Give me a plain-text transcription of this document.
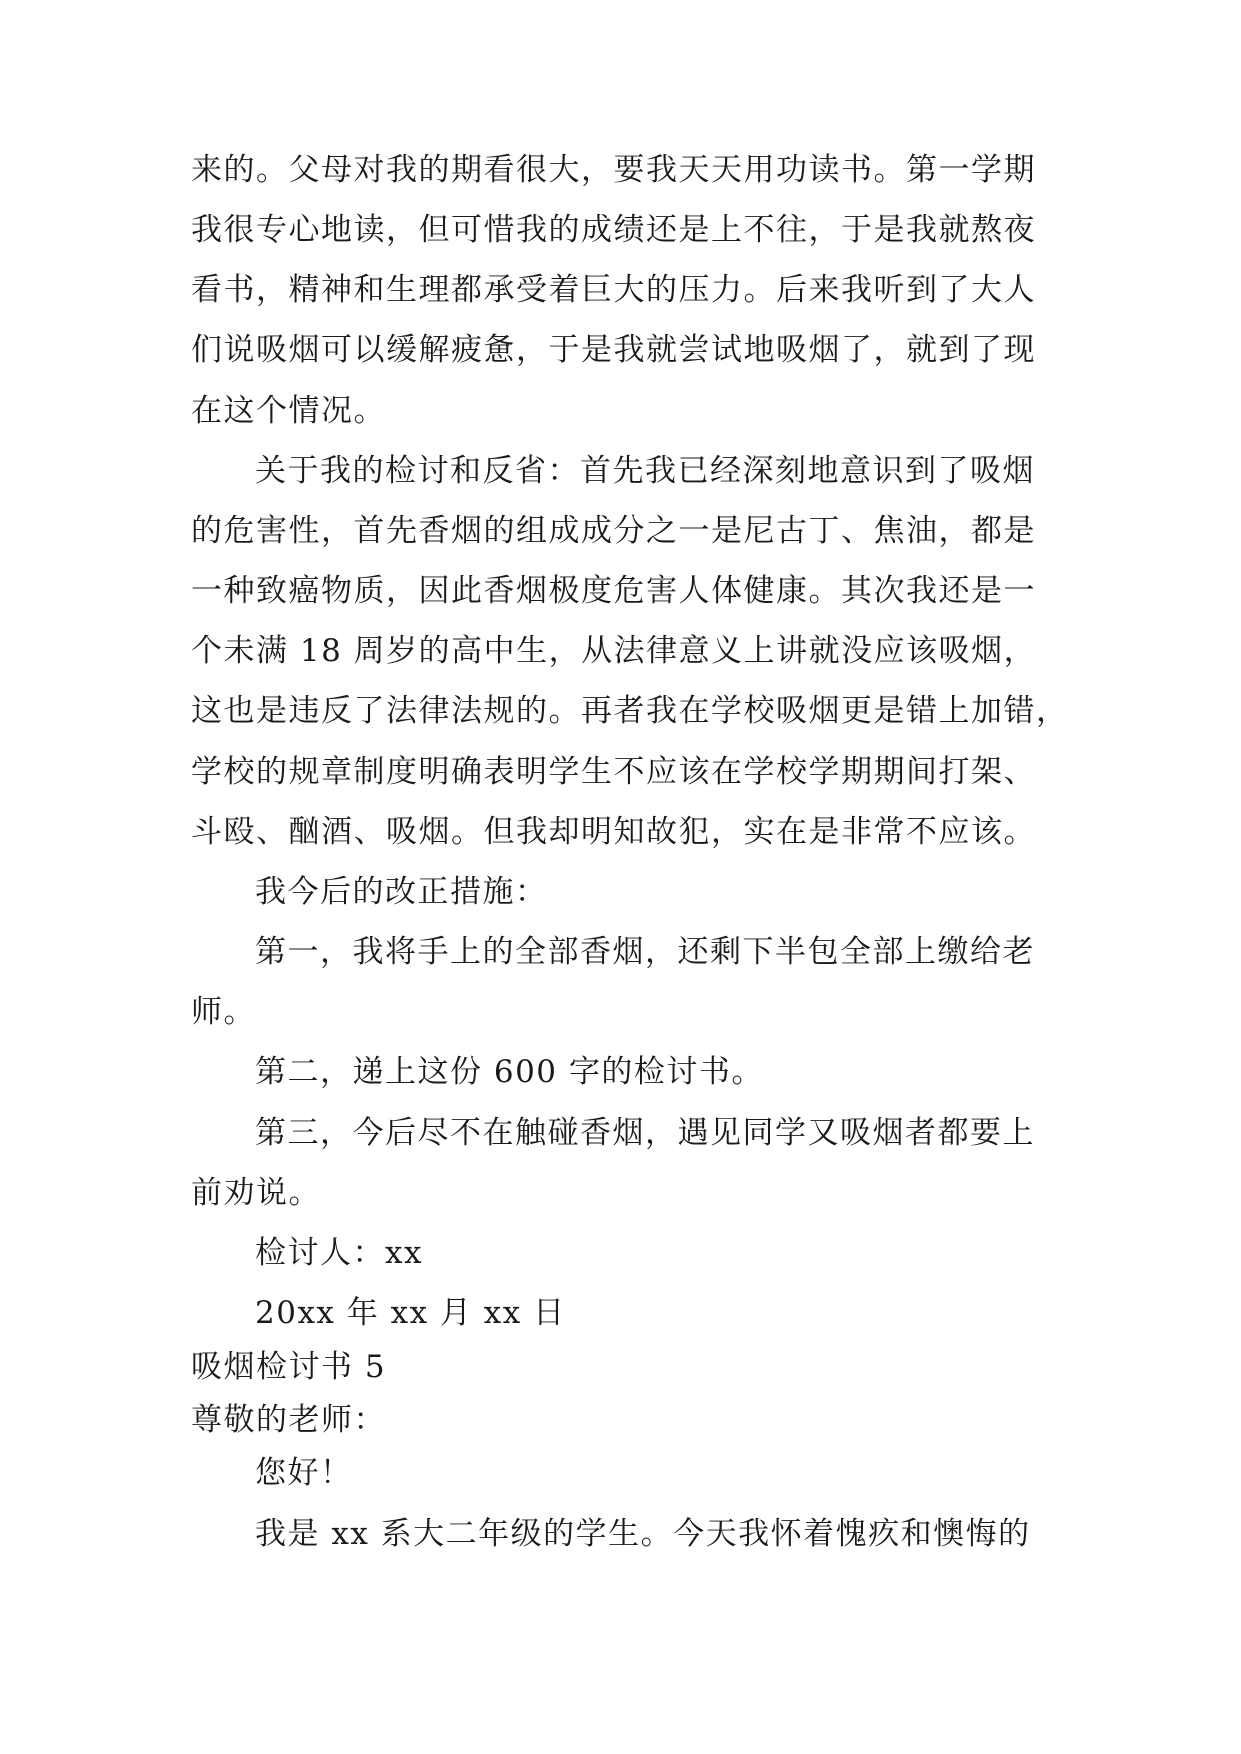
来的。父母对我的期看很大，要我天天用功读书。第一学期
我很专心地读，但可惜我的成绩还是上不往，于是我就熬夜
看书，精神和生理都承受着巨大的压力。后来我听到了大人
们说吸烟可以缓解疲惫，于是我就尝试地吸烟了，就到了现
在这个情况。
关于我的检讨和反省：首先我已经深刻地意识到了吸烟
的危害性，首先香烟的组成成分之一是尼古丁、焦油，都是
一种致癌物质，因此香烟极度危害人体健康。其次我还是一
个未满 18 周岁的高中生，从法律意义上讲就没应该吸烟，
这也是违反了法律法规的。再者我在学校吸烟更是错上加错，
学校的规章制度明确表明学生不应该在学校学期期间打架、
斗殴、酗酒、吸烟。但我却明知故犯，实在是非常不应该。
我今后的改正措施：
第一，我将手上的全部香烟，还剩下半包全部上缴给老
师。
第二，递上这份 600 字的检讨书。
第三，今后尽不在触碰香烟，遇见同学又吸烟者都要上
前劝说。
检讨人：xx
20xx 年 xx 月 xx 日
吸烟检讨书 5
尊敬的老师：
您好！
我是 xx 系大二年级的学生。今天我怀着愧疚和懊悔的
